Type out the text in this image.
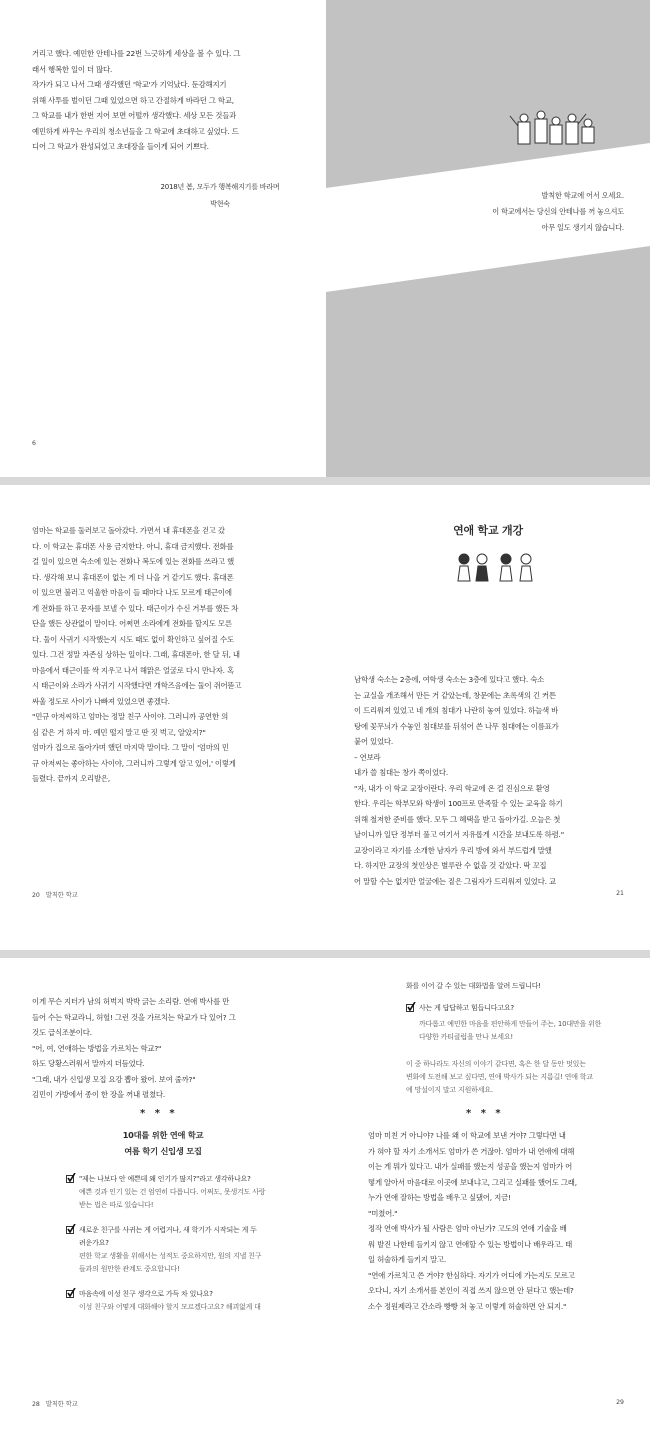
거리고 했다. 예민한 안테나를 22번 느긋하게 세상을 볼 수 있다. 그

래서 행복한 일이 더 많다.

작가가 되고 나서 그때 생각했던 '학교'가 기억났다. 둔감해지기

위해 사투를 벌이던 그때 있었으면 하고 간절하게 바라던 그 학교,

그 학교를 내가 한번 지어 보면 어떨까 생각했다. 세상 모든 것들과

예민하게 싸우는 우리의 청소년들을 그 학교에 초대하고 싶었다. 드

디어 그 학교가 완성되었고 초대장을 들이게 되어 기쁘다.

2018년 봄, 모두가 행복해지기를 바라며
박현숙
6

발칙한 학교에 어서 오세요.

이 학교에서는 당신의 안테나를 꺼 놓으셔도

아무 일도 생기지 않습니다.

엄마는 학교를 둘러보고 돌아갔다. 가면서 내 휴대폰을 걷고 갔

다. 이 학교는 휴대폰 사용 금지한다. 아니, 휴대 금지했다. 전화를

걸 일이 있으면 숙소에 있는 전화나 복도에 있는 전화를 쓰라고 했

다. 생각해 보니 휴대폰이 없는 게 더 나을 거 같기도 했다. 휴대폰

이 있으면 불러고 억울한 마음이 들 때마다 나도 모르게 태근이에

게 전화를 하고 문자를 보낼 수 있다. 태근이가 수신 거부를 했든 차

단을 했든 상관없이 말이다. 어쩌면 소라에게 전화를 할지도 모른

다. 둘이 사귀기 시작했는지 시도 때도 없이 확인하고 싶어질 수도

있다. 그건 정말 자존심 상하는 일이다. 그래, 휴대폰아, 한 달 뒤, 내

마음에서 태근이를 싹 지우고 나서 해맑은 얼굴로 다시 만나자. 혹

시 태근이와 소라가 사귀기 시작했다면 개학즈음에는 둘이 쥐어뜯고

싸울 정도로 사이가 나빠져 있었으면 좋겠다.

"민규 아저씨하고 엄마는 정말 친구 사이야. 그러니까 공연한 의

심 같은 거 하지 마. 예민 떨지 말고 딴 짓 벅고, 알았지?"

엄마가 집으로 돌아가며 했던 마지막 말이다. 그 말이 '엄마의 민

규 아저씨는 좋아하는 사이야, 그러니까 그렇게 알고 있어,' 이렇게

들렸다. 끝까지 오리발은,

20 발칙한 학교
연애 학교 개강

남학생 숙소는 2층에, 여학생 숙소는 3층에 있다고 했다. 숙소

는 교실을 개조해서 만든 거 같았는데, 창문에는 초록색의 긴 커튼

이 드리워져 있었고 네 개의 침대가 나란히 놓여 있었다. 하늘색 바

탕에 꽃무늬가 수놓인 침대보를 뒤섞어 쓴 나무 침대에는 이름표가

붙어 있었다.

– 연보라

내가 쓸 침대는 창가 쪽이었다.

"자, 내가 이 학교 교장이란다. 우리 학교에 온 걸 진심으로 환영

한다. 우리는 학부모와 학생이 100프로 만족할 수 있는 교육을 하기

위해 철저한 준비를 했다. 모두 그 혜택을 받고 돌아가길. 오늘은 첫

날이니까 일단 정부터 풀고 여기서 지유롭게 시간을 보내도록 하렴."

교장이라고 자기를 소개한 남자가 우리 방에 와서 부드럽게 말했

다. 하지만 교장의 첫인상은 별루란 수 없을 것 같았다. 딱 꼬집

어 말할 수는 없지만 얼굴에는 짙은 그림자가 드리워져 있었다. 교

21

이게 무슨 지터가 남의 허벅지 박박 긁는 소리람. 연애 박사를 만

들어 수는 학교라니, 허헐! 그런 것을 가르치는 학교가 다 있어? 그

것도 급식조분이다.

"어, 여, 연애하는 방법을 가르치는 학교?"

하도 당황스러워서 말까지 더듬었다.

"그래, 내가 신입생 모집 요강 뽑아 왔어. 보여 줄까?"

김민이 가방에서 종이 한 장을 꺼내 펼쳤다.

* * *
10대를 위한 연애 학교
여름 학기 신입생 모집

"제는 나보다 안 예쁜데 왜 인기가 많지?"라고 생각하나요?

예쁜 것과 인기 있는 건 엄연히 다릅니다. 어쩌도, 못생겨도 사랑

받는 법은 따로 있습니다!

새로운 친구를 사귀는 게 어렵거나, 새 학기가 시작되는 게 두

려운가요?

편한 학교 생활을 위해서는 성적도 중요하지만, 원의 지낼 친구

들과의 원만한 관계도 중요합니다!

마음속에 이성 친구 생각으로 가득 차 있나요?

이성 친구와 어떻게 대화해야 할지 모르겠다고요? 해괴없게 대

28 발칙한 학교
화를 이어 갈 수 있는 대화법을 알려 드립니다!
사는 게 답답하고 힘듭니다고요?

까다롭고 예민한 마음을 편안하게 만들어 주는, 10대만을 위한

다양한 카티클럽을 만나 보세요!

이 중 하나라도 자신의 이야기 같다면, 혹은 한 달 동안 멋있는

변화에 도전해 보고 싶다면, 연애 박사가 되는 지름길! 연애 학교

에 망설이지 말고 지원하세요.

* * *

엄마 미친 거 아니야? 나를 왜 이 학교에 보낸 거야? 그렇다면 내

가 혀야 할 자기 소개서도 엄마가 쓴 거잖아. 엄마가 내 연애에 대해

이는 게 뭐가 있다고. 내가 실패를 했는지 성공을 했는지 엄마가 어

떻게 알아서 마음대로 이곳에 보내냐고, 그리고 실패를 했어도 그래,

누가 연애 잘하는 방법을 배우고 싶댔어, 지금!

"미쳤어."

정작 연애 박사가 될 사람은 엄마 아닌가? 고도의 연애 기술을 배

워 발진 나한테 들키지 않고 연애할 수 있는 방법이나 배우라고. 태

일 허술하게 들키지 말고.

"연애 가르치고 쓴 거야? 한심하다. 자기가 어디에 가는지도 모르고

오다니, 자기 소개서를 본인이 직접 쓰지 않으면 안 된다고 했는데?

소수 정원제라고 간소라 빵빵 쳐 놓고 이렇게 허술하면 안 되지."

29
